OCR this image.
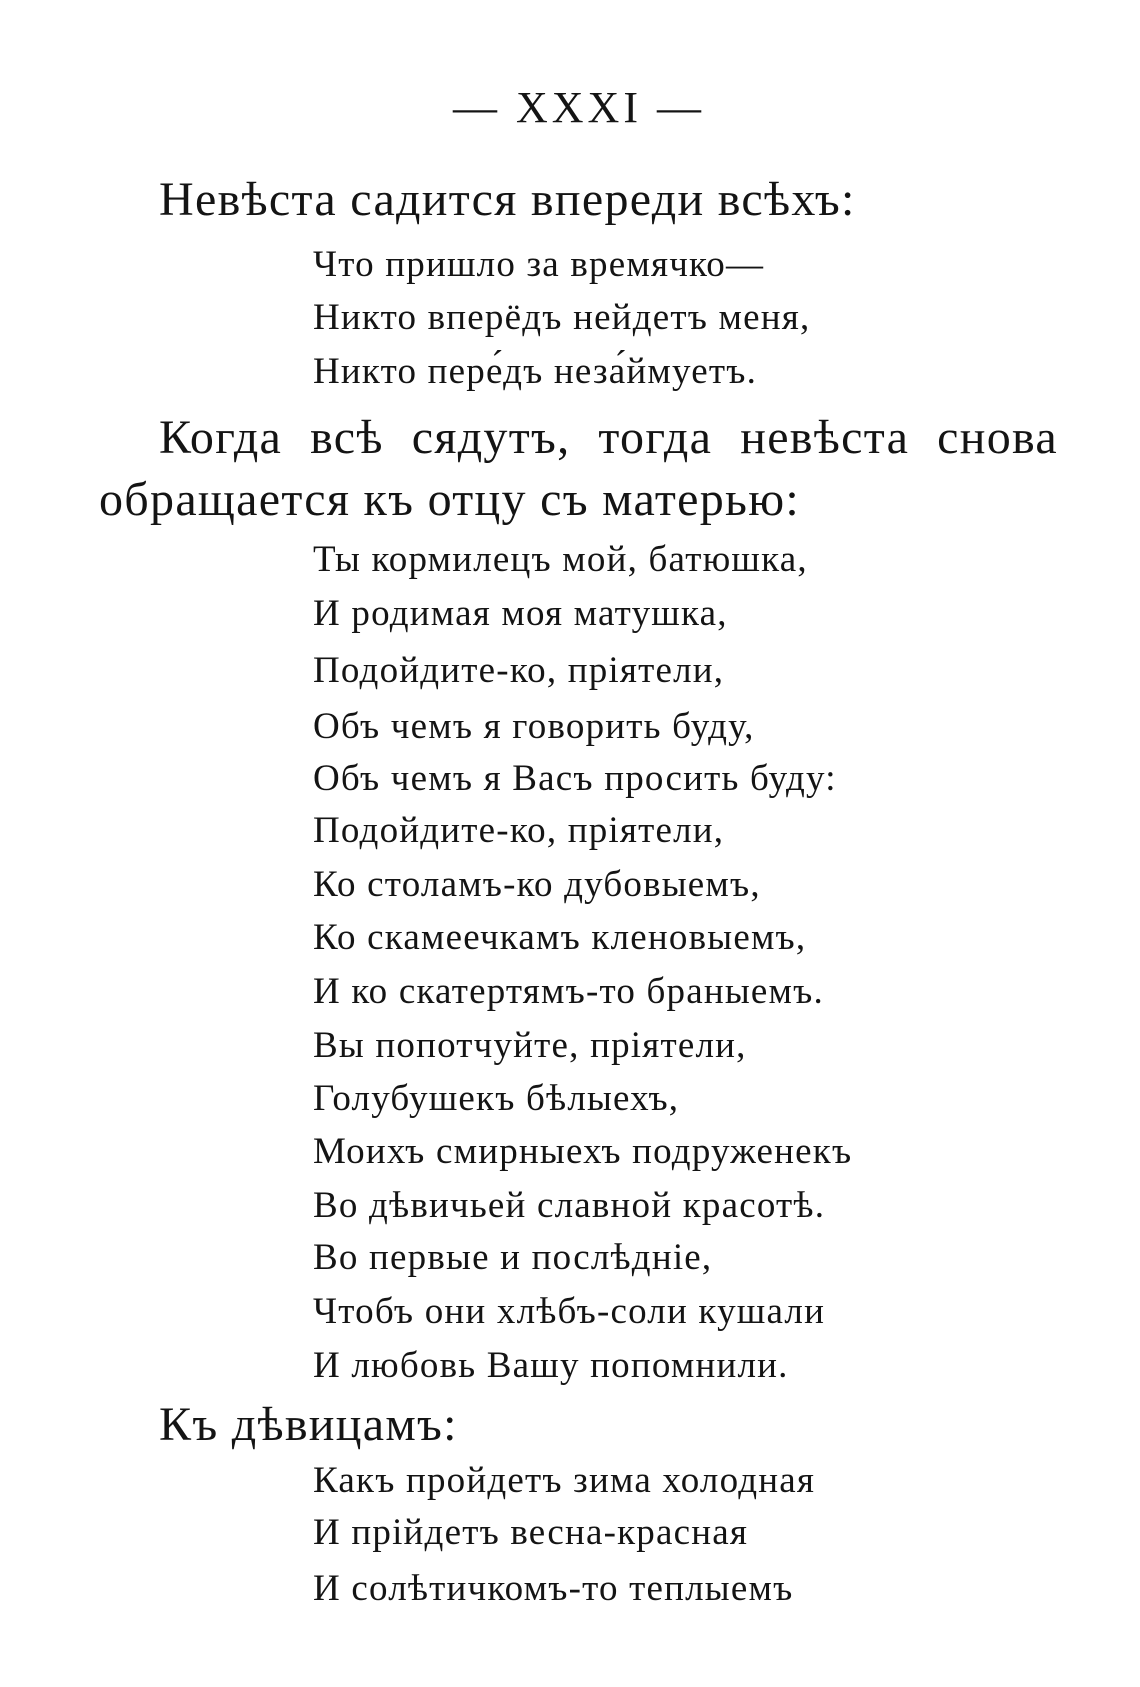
— XXXI —
Невѣста садится впереди всѣхъ:
Что пришло за времячко—
Никто вперёдъ нейдетъ меня,
Никто пере́дъ неза́ймуетъ.
Когда всѣ сядутъ, тогда невѣста снова
обращается къ отцу съ матерью:
Ты кормилецъ мой, батюшка,
И родимая моя матушка,
Подойдите-ко, пріятели,
Объ чемъ я говорить буду,
Объ чемъ я Васъ просить буду:
Подойдите-ко, пріятели,
Ко столамъ-ко дубовыемъ,
Ко скамеечкамъ кленовыемъ,
И ко скатертямъ-то браныемъ.
Вы попотчуйте, пріятели,
Голубушекъ бѣлыехъ,
Моихъ смирныехъ подруженекъ
Во дѣвичьей славной красотѣ.
Во первые и послѣдніе,
Чтобъ они хлѣбъ-соли кушали
И любовь Вашу попомнили.
Къ дѣвицамъ:
Какъ пройдетъ зима холодная
И прійдетъ весна-красная
И солѣтичкомъ-то теплыемъ
